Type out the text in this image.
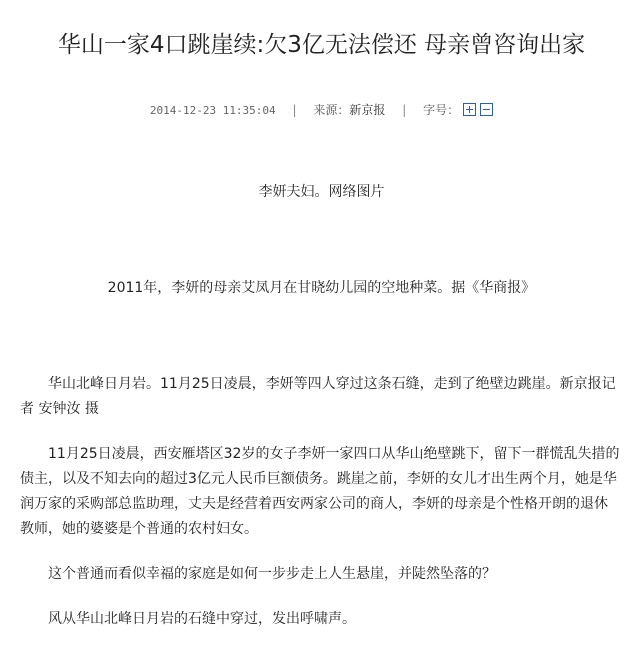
华山一家4口跳崖续:欠3亿无法偿还 母亲曾咨询出家
2014-12-23 11:35:04 | 来源：新京报 | 字号：
李妍夫妇。网络图片
2011年，李妍的母亲艾凤月在甘晓幼儿园的空地种菜。据《华商报》

华山北峰日月岩。11月25日凌晨，李妍等四人穿过这条石缝，走到了绝壁边跳崖。新京报记者 安钟汝 摄

11月25日凌晨，西安雁塔区32岁的女子李妍一家四口从华山绝壁跳下，留下一群慌乱失措的债主，以及不知去向的超过3亿元人民币巨额债务。跳崖之前，李妍的女儿才出生两个月，她是华润万家的采购部总监助理，丈夫是经营着西安两家公司的商人，李妍的母亲是个性格开朗的退休教师，她的婆婆是个普通的农村妇女。

这个普通而看似幸福的家庭是如何一步步走上人生悬崖，并陡然坠落的？

风从华山北峰日月岩的石缝中穿过，发出呼啸声。
